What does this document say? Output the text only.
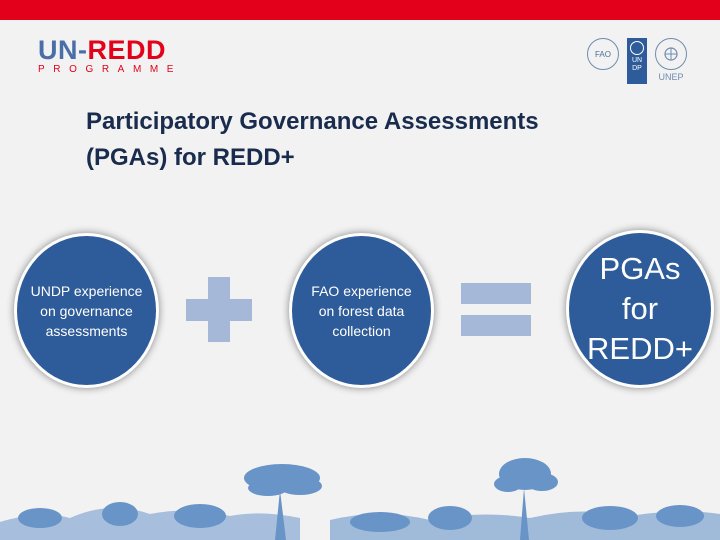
UN-REDD
PROGRAMME
FAO
UN DP
UNEP
Participatory Governance Assessments
(PGAs) for REDD+
UNDP experience on governance assessments
FAO experience on forest data collection
PGAs for REDD+
